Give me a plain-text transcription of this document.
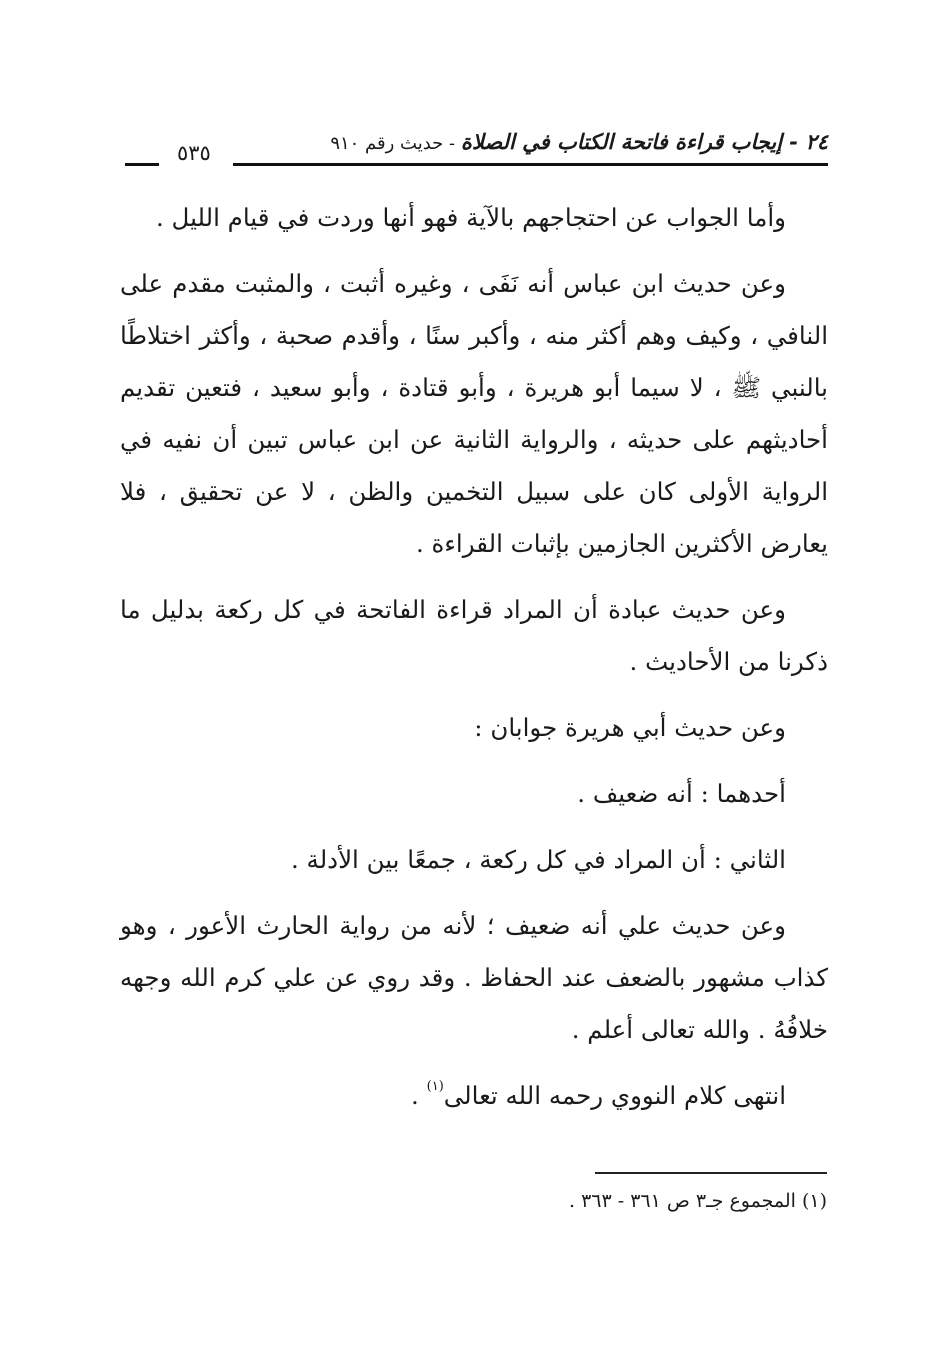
٥٣٥	٢٤ - إيجاب قراءة فاتحة الكتاب في الصلاة - حديث رقم ٩١٠

وأما الجواب عن احتجاجهم بالآية فهو أنها وردت في قيام الليل .

وعن حديث ابن عباس أنه نَفَى ، وغيره أثبت ، والمثبت مقدم على النافي ، وكيف وهم أكثر منه ، وأكبر سنًا ، وأقدم صحبة ، وأكثر اختلاطًا بالنبي ﷺ ، لا سيما أبو هريرة ، وأبو قتادة ، وأبو سعيد ، فتعين تقديم أحاديثهم على حديثه ، والرواية الثانية عن ابن عباس تبين أن نفيه في الرواية الأولى كان على سبيل التخمين والظن ، لا عن تحقيق ، فلا يعارض الأكثرين الجازمين بإثبات القراءة .

وعن حديث عبادة أن المراد قراءة الفاتحة في كل ركعة بدليل ما ذكرنا من الأحاديث .

وعن حديث أبي هريرة جوابان :

أحدهما : أنه ضعيف .

الثاني : أن المراد في كل ركعة ، جمعًا بين الأدلة .

وعن حديث علي أنه ضعيف ؛ لأنه من رواية الحارث الأعور ، وهو كذاب مشهور بالضعف عند الحفاظ . وقد روي عن علي كرم الله وجهه خلافُهُ . والله تعالى أعلم .

انتهى كلام النووي رحمه الله تعالى$^{(١)}$ .

(١) المجموع جـ٣ ص ٣٦١ - ٣٦٣ .
